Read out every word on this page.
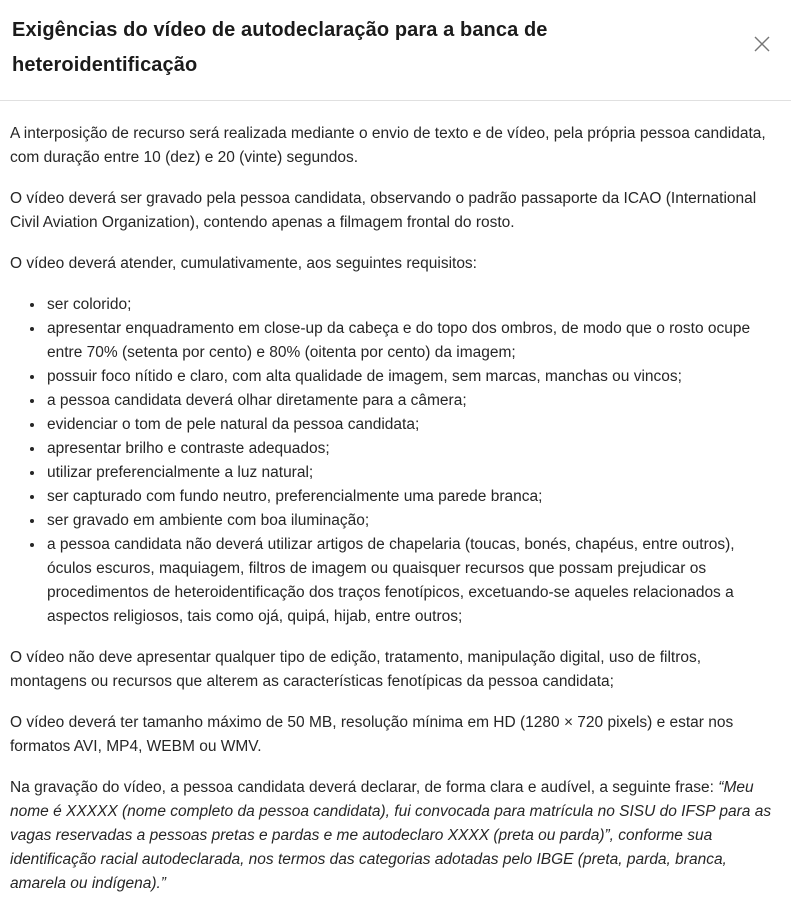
Exigências do vídeo de autodeclaração para a banca de heteroidentificação

A interposição de recurso será realizada mediante o envio de texto e de vídeo, pela própria pessoa candidata, com duração entre 10 (dez) e 20 (vinte) segundos.

O vídeo deverá ser gravado pela pessoa candidata, observando o padrão passaporte da ICAO (International Civil Aviation Organization), contendo apenas a filmagem frontal do rosto.

O vídeo deverá atender, cumulativamente, aos seguintes requisitos:

• ser colorido;
• apresentar enquadramento em close-up da cabeça e do topo dos ombros, de modo que o rosto ocupe entre 70% (setenta por cento) e 80% (oitenta por cento) da imagem;
• possuir foco nítido e claro, com alta qualidade de imagem, sem marcas, manchas ou vincos;
• a pessoa candidata deverá olhar diretamente para a câmera;
• evidenciar o tom de pele natural da pessoa candidata;
• apresentar brilho e contraste adequados;
• utilizar preferencialmente a luz natural;
• ser capturado com fundo neutro, preferencialmente uma parede branca;
• ser gravado em ambiente com boa iluminação;
• a pessoa candidata não deverá utilizar artigos de chapelaria (toucas, bonés, chapéus, entre outros), óculos escuros, maquiagem, filtros de imagem ou quaisquer recursos que possam prejudicar os procedimentos de heteroidentificação dos traços fenotípicos, excetuando-se aqueles relacionados a aspectos religiosos, tais como ojá, quipá, hijab, entre outros;

O vídeo não deve apresentar qualquer tipo de edição, tratamento, manipulação digital, uso de filtros, montagens ou recursos que alterem as características fenotípicas da pessoa candidata;

O vídeo deverá ter tamanho máximo de 50 MB, resolução mínima em HD (1280 × 720 pixels) e estar nos formatos AVI, MP4, WEBM ou WMV.

Na gravação do vídeo, a pessoa candidata deverá declarar, de forma clara e audível, a seguinte frase: “Meu nome é XXXXX (nome completo da pessoa candidata), fui convocada para matrícula no SISU do IFSP para as vagas reservadas a pessoas pretas e pardas e me autodeclaro XXXX (preta ou parda)”, conforme sua identificação racial autodeclarada, nos termos das categorias adotadas pelo IBGE (preta, parda, branca, amarela ou indígena).”
